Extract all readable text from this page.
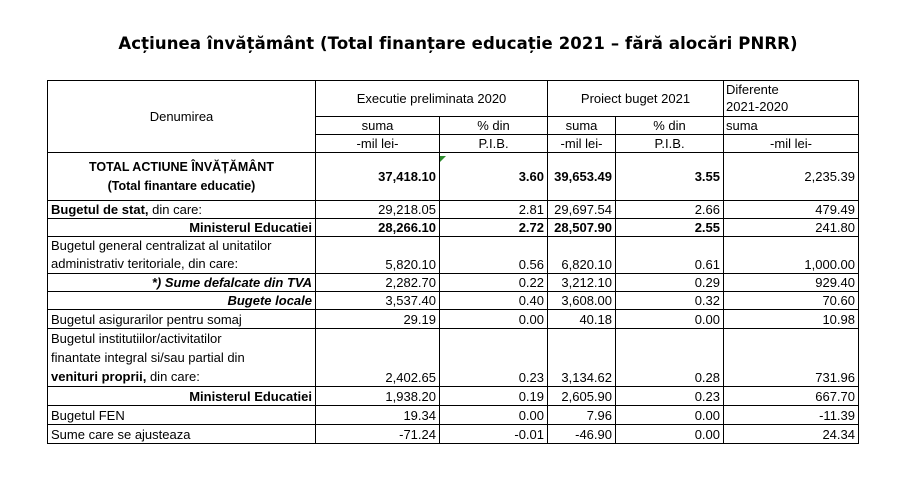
Acțiunea învățământ (Total finanțare educație 2021 – fără alocări PNRR)
Denumirea	Executie preliminata 2020		Proiect buget 2021		Diferente
2021-2020
	suma	% din	suma	% din	suma
	-mil lei-	P.I.B.	-mil lei-	P.I.B.	-mil lei-
TOTAL ACTIUNE ÎNVĂȚĂMÂNT
(Total finantare educatie)	37,418.10	3.60	39,653.49	3.55	2,235.39
Bugetul de stat, din care:	29,218.05	2.81	29,697.54	2.66	479.49
Ministerul Educatiei	28,266.10	2.72	28,507.90	2.55	241.80
Bugetul general centralizat al unitatilor
administrativ teritoriale, din care:	5,820.10	0.56	6,820.10	0.61	1,000.00
*) Sume defalcate din TVA	2,282.70	0.22	3,212.10	0.29	929.40
Bugete locale	3,537.40	0.40	3,608.00	0.32	70.60
Bugetul asigurarilor pentru somaj	29.19	0.00	40.18	0.00	10.98
Bugetul institutiilor/activitatilor
finantate integral si/sau partial din
venituri proprii, din care:	2,402.65	0.23	3,134.62	0.28	731.96
Ministerul Educatiei	1,938.20	0.19	2,605.90	0.23	667.70
Bugetul FEN	19.34	0.00	7.96	0.00	-11.39
Sume care se ajusteaza	-71.24	-0.01	-46.90	0.00	24.34
